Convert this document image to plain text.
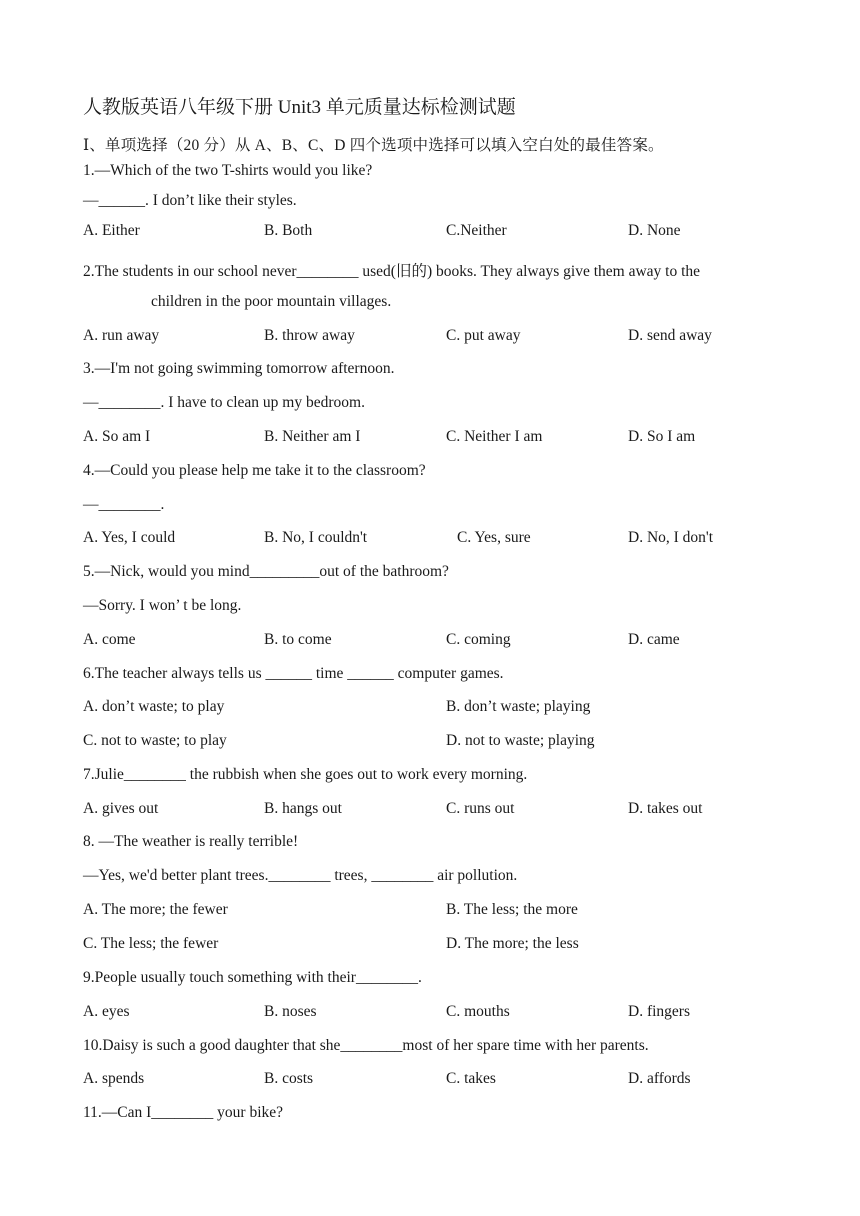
人教版英语八年级下册 Unit3 单元质量达标检测试题
Ⅰ、单项选择（20 分）从 A、B、C、D 四个选项中选择可以填入空白处的最佳答案。
1.—Which of the two T-shirts would you like?
—______. I don’t like their styles.
A. Either	B. Both	C.Neither	D. None
2.The students in our school never________ used(旧的) books. They always give them away to the
children in the poor mountain villages.
A. run away	B. throw away	C. put away	D. send away
3.—I'm not going swimming tomorrow afternoon.
—________. I have to clean up my bedroom.
A. So am I	B. Neither am I	C. Neither I am	D. So I am
4.—Could you please help me take it to the classroom?
—________.
A. Yes, I could	B. No, I couldn't	C. Yes, sure	D. No, I don't
5.—Nick, would you mind_________out of the bathroom?
—Sorry. I won’ t be long.
A. come	B. to come	C. coming	D. came
6.The teacher always tells us ______ time ______ computer games.
A. don’t waste; to play	B. don’t waste; playing
C. not to waste; to play	D. not to waste; playing
7.Julie________ the rubbish when she goes out to work every morning.
A. gives out	B. hangs out	C. runs out	D. takes out
8. —The weather is really terrible!
—Yes, we'd better plant trees.________ trees, ________ air pollution.
A. The more; the fewer	B. The less; the more
C. The less; the fewer	D. The more; the less
9.People usually touch something with their________.
A. eyes	B. noses	C. mouths	D. fingers
10.Daisy is such a good daughter that she________most of her spare time with her parents.
A. spends	B. costs	C. takes	D. affords
11.—Can I________ your bike?
